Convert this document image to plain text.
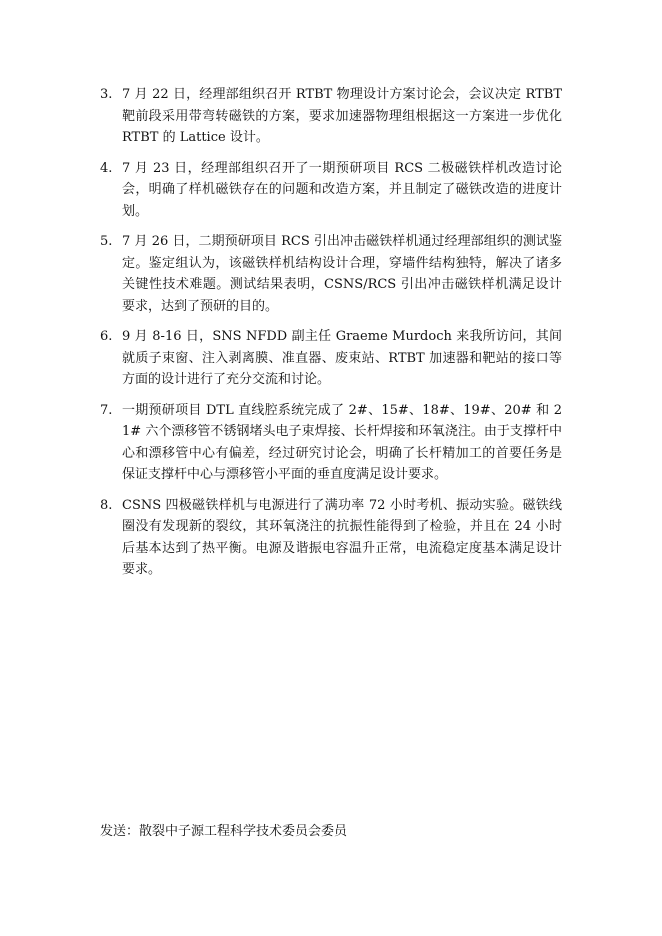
3. 7 月 22 日，经理部组织召开 RTBT 物理设计方案讨论会，会议决定 RTBT 靶前段采用带弯转磁铁的方案，要求加速器物理组根据这一方案进一步优化 RTBT 的 Lattice 设计。
4. 7 月 23 日，经理部组织召开了一期预研项目 RCS 二极磁铁样机改造讨论会，明确了样机磁铁存在的问题和改造方案，并且制定了磁铁改造的进度计划。
5. 7 月 26 日，二期预研项目 RCS 引出冲击磁铁样机通过经理部组织的测试鉴定。鉴定组认为，该磁铁样机结构设计合理，穿墙件结构独特，解决了诸多关键性技术难题。测试结果表明，CSNS/RCS 引出冲击磁铁样机满足设计要求，达到了预研的目的。
6. 9 月 8-16 日，SNS NFDD 副主任 Graeme Murdoch 来我所访问，其间就质子束窗、注入剥离膜、准直器、废束站、RTBT 加速器和靶站的接口等方面的设计进行了充分交流和讨论。
7. 一期预研项目 DTL 直线腔系统完成了 2#、15#、18#、19#、20# 和 21# 六个漂移管不锈钢堵头电子束焊接、长杆焊接和环氧浇注。由于支撑杆中心和漂移管中心有偏差，经过研究讨论会，明确了长杆精加工的首要任务是保证支撑杆中心与漂移管小平面的垂直度满足设计要求。
8. CSNS 四极磁铁样机与电源进行了满功率 72 小时考机、振动实验。磁铁线圈没有发现新的裂纹，其环氧浇注的抗振性能得到了检验，并且在 24 小时后基本达到了热平衡。电源及谐振电容温升正常，电流稳定度基本满足设计要求。
发送：散裂中子源工程科学技术委员会委员
